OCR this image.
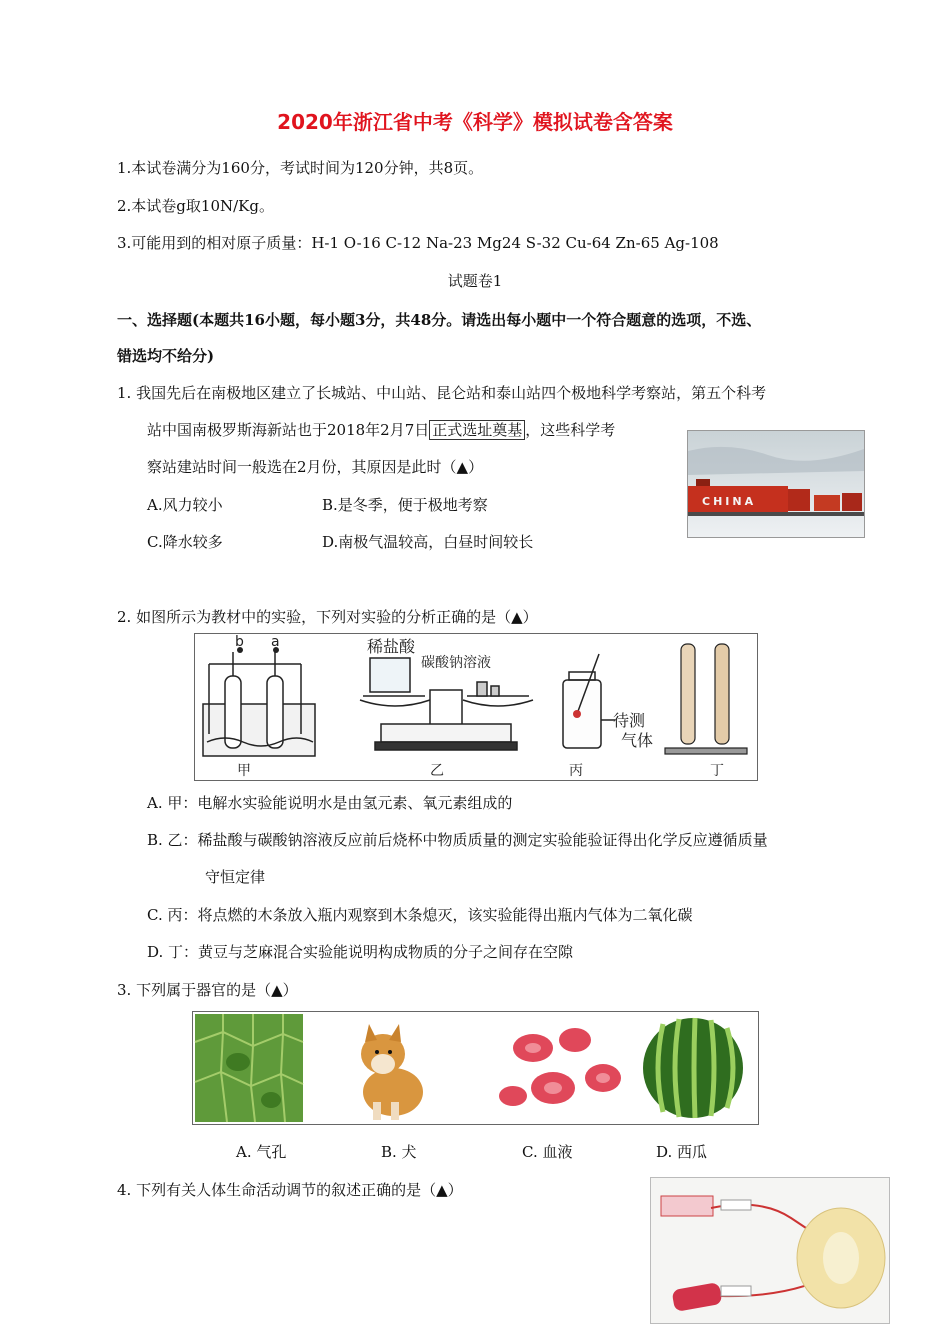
2020年浙江省中考《科学》模拟试卷含答案
1.本试卷满分为160分，考试时间为120分钟，共8页。
2.本试卷g取10N/Kg。
3.可能用到的相对原子质量：H-1 O-16 C-12 Na-23 Mg24 S-32 Cu-64 Zn-65 Ag-108
试题卷1
一、选择题(本题共16小题，每小题3分，共48分。请选出每小题中一个符合题意的选项，不选、
错选均不给分)
1. 我国先后在南极地区建立了长城站、中山站、昆仑站和泰山站四个极地科学考察站，第五个科考
站中国南极罗斯海新站也于2018年2月7日 正式选址奠基 ，这些科学考
察站建站时间一般选在2月份，其原因是此时（▲）
A.风力较小	B.是冬季，便于极地考察
C.降水较多	D.南极气温较高，白昼时间较长
CHINA
2. 如图所示为教材中的实验，下列对实验的分析正确的是（▲）
b a	稀盐酸
碳酸钠溶液
待测
气体
甲	乙	丙	丁
A. 甲：电解水实验能说明水是由氢元素、氧元素组成的
B. 乙：稀盐酸与碳酸钠溶液反应前后烧杯中物质质量的测定实验能验证得出化学反应遵循质量
守恒定律
C. 丙：将点燃的木条放入瓶内观察到木条熄灭，该实验能得出瓶内气体为二氧化碳
D. 丁：黄豆与芝麻混合实验能说明构成物质的分子之间存在空隙
3. 下列属于器官的是（▲）
A. 气孔	B. 犬	C. 血液	D. 西瓜
4. 下列有关人体生命活动调节的叙述正确的是（▲）
